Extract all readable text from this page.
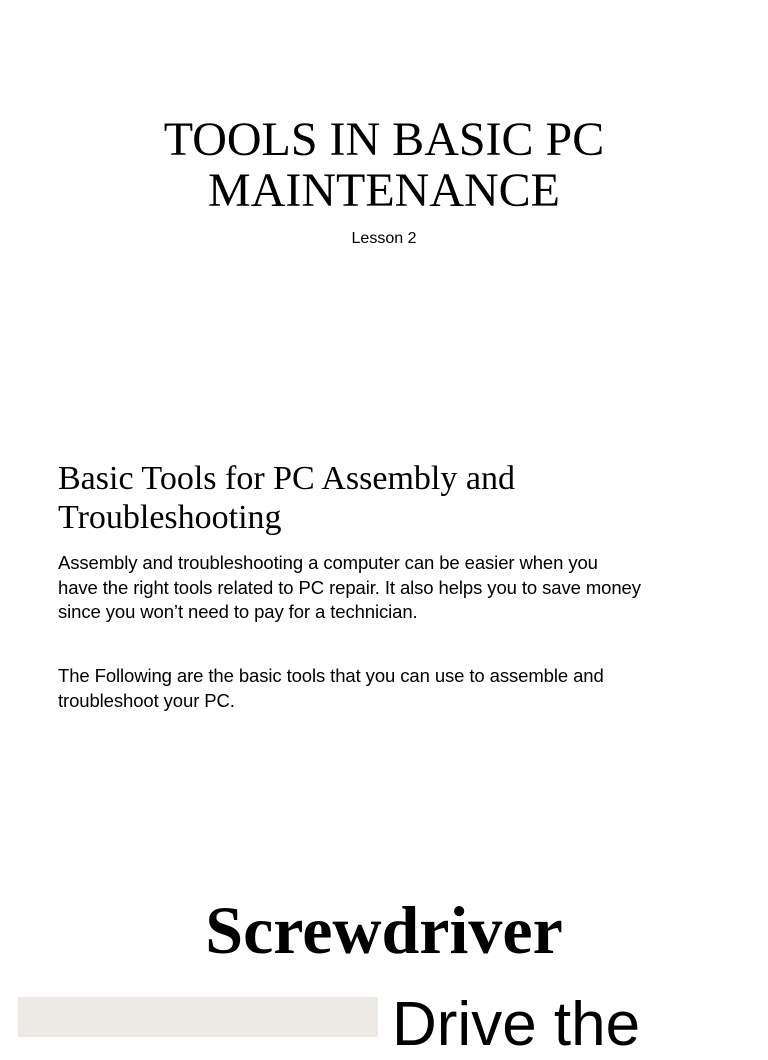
TOOLS IN BASIC PC
MAINTENANCE
Lesson 2
Basic Tools for PC Assembly and
Troubleshooting
Assembly and troubleshooting a computer can be easier when you
have the right tools related to PC repair. It also helps you to save money
since you won’t need to pay for a technician.
The Following are the basic tools that you can use to assemble and
troubleshoot your PC.
Screwdriver
Drive the
